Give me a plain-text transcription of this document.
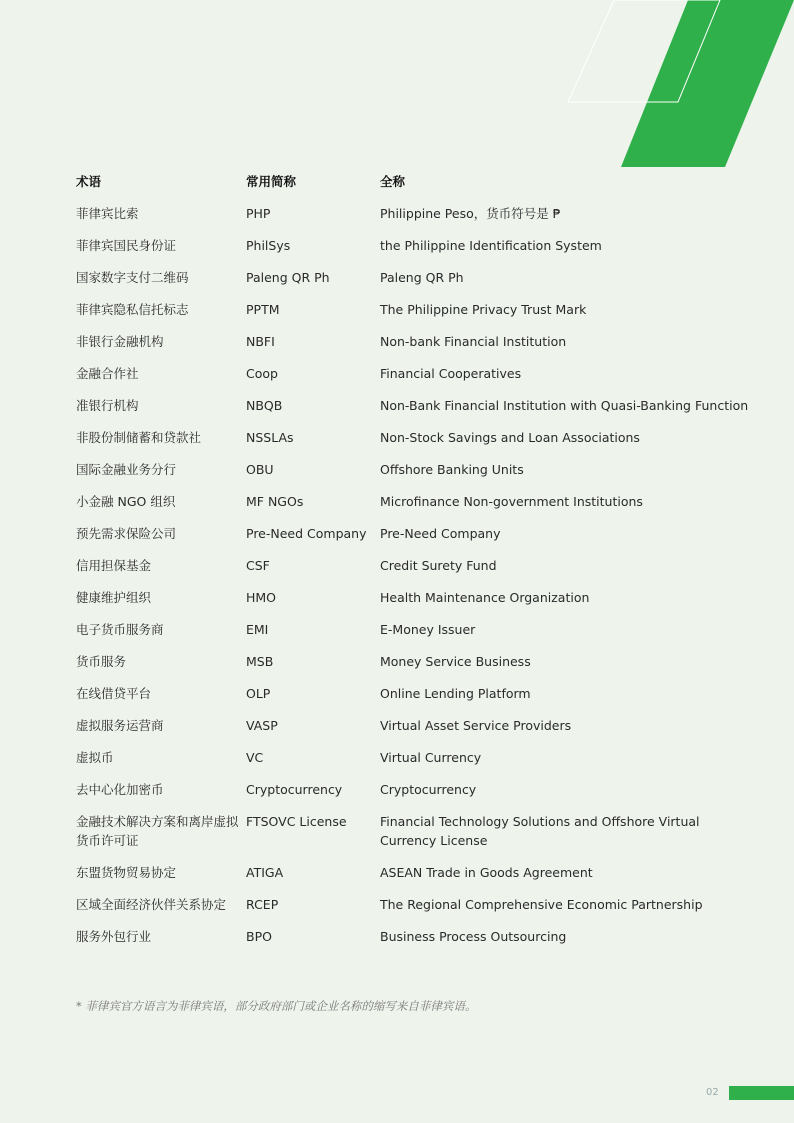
术语	常用简称	全称
菲律宾比索	PHP	Philippine Peso，货币符号是 ₱
菲律宾国民身份证	PhilSys	the Philippine Identification System
国家数字支付二维码	Paleng QR Ph	Paleng QR Ph
菲律宾隐私信托标志	PPTM	The Philippine Privacy Trust Mark
非银行金融机构	NBFI	Non-bank Financial Institution
金融合作社	Coop	Financial Cooperatives
准银行机构	NBQB	Non-Bank Financial Institution with Quasi-Banking Function
非股份制储蓄和贷款社	NSSLAs	Non-Stock Savings and Loan Associations
国际金融业务分行	OBU	Offshore Banking Units
小金融 NGO 组织	MF NGOs	Microfinance Non-government Institutions
预先需求保险公司	Pre-Need Company	Pre-Need Company
信用担保基金	CSF	Credit Surety Fund
健康维护组织	HMO	Health Maintenance Organization
电子货币服务商	EMI	E-Money Issuer
货币服务	MSB	Money Service Business
在线借贷平台	OLP	Online Lending Platform
虚拟服务运营商	VASP	Virtual Asset Service Providers
虚拟币	VC	Virtual Currency
去中心化加密币	Cryptocurrency	Cryptocurrency
金融技术解决方案和离岸虚拟货币许可证	FTSOVC License	Financial Technology Solutions and Offshore Virtual Currency License
东盟货物贸易协定	ATIGA	ASEAN Trade in Goods Agreement
区域全面经济伙伴关系协定	RCEP	The Regional Comprehensive Economic Partnership
服务外包行业	BPO	Business Process Outsourcing
* 菲律宾官方语言为菲律宾语，部分政府部门或企业名称的缩写来自菲律宾语。
02
